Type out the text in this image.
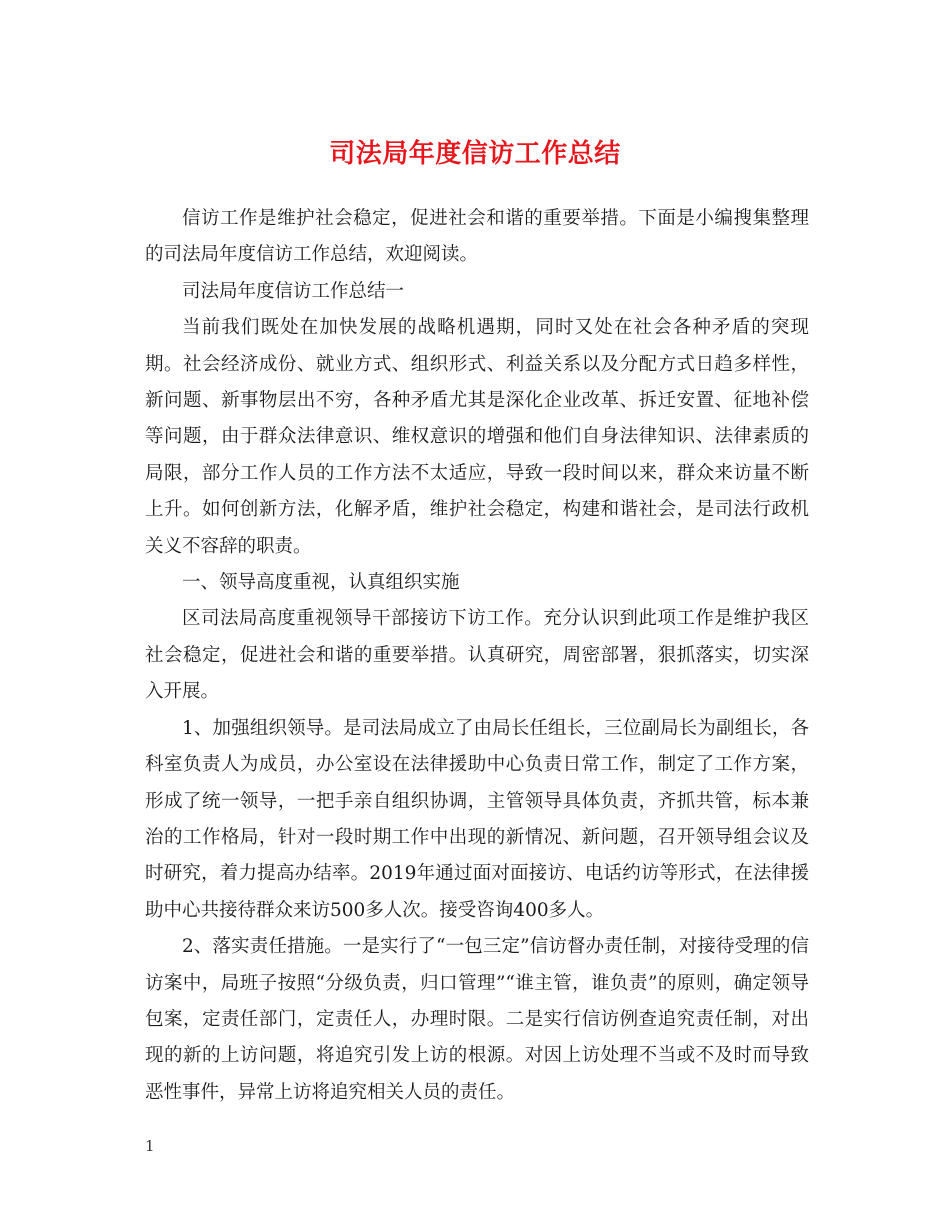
司法局年度信访工作总结

信访工作是维护社会稳定，促进社会和谐的重要举措。下面是小编搜集整理的司法局年度信访工作总结，欢迎阅读。

司法局年度信访工作总结一

当前我们既处在加快发展的战略机遇期，同时又处在社会各种矛盾的突现期。社会经济成份、就业方式、组织形式、利益关系以及分配方式日趋多样性，新问题、新事物层出不穷，各种矛盾尤其是深化企业改革、拆迁安置、征地补偿等问题，由于群众法律意识、维权意识的增强和他们自身法律知识、法律素质的局限，部分工作人员的工作方法不太适应，导致一段时间以来，群众来访量不断上升。如何创新方法，化解矛盾，维护社会稳定，构建和谐社会，是司法行政机关义不容辞的职责。

一、领导高度重视，认真组织实施

区司法局高度重视领导干部接访下访工作。充分认识到此项工作是维护我区社会稳定，促进社会和谐的重要举措。认真研究，周密部署，狠抓落实，切实深入开展。

1、加强组织领导。是司法局成立了由局长任组长，三位副局长为副组长，各科室负责人为成员，办公室设在法律援助中心负责日常工作，制定了工作方案，形成了统一领导，一把手亲自组织协调，主管领导具体负责，齐抓共管，标本兼治的工作格局，针对一段时期工作中出现的新情况、新问题，召开领导组会议及时研究，着力提高办结率。2019年通过面对面接访、电话约访等形式，在法律援助中心共接待群众来访500多人次。接受咨询400多人。

2、落实责任措施。一是实行了“一包三定”信访督办责任制，对接待受理的信访案中，局班子按照“分级负责，归口管理”“谁主管，谁负责”的原则，确定领导包案，定责任部门，定责任人，办理时限。二是实行信访例查追究责任制，对出现的新的上访问题，将追究引发上访的根源。对因上访处理不当或不及时而导致恶性事件，异常上访将追究相关人员的责任。

1
